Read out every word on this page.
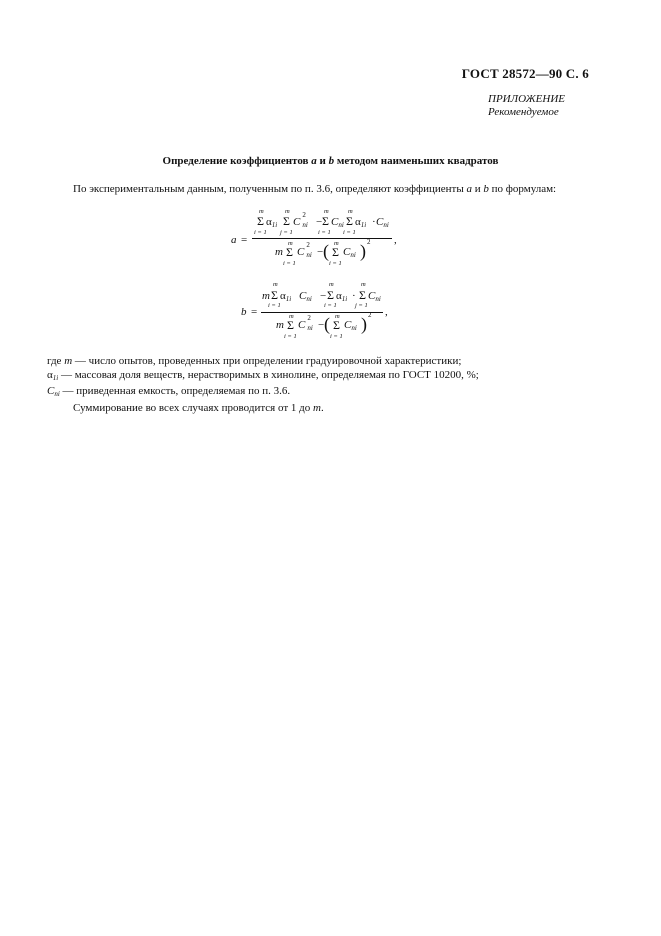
ГОСТ 28572—90 С. 6
ПРИЛОЖЕНИЕ
Рекомендуемое
Определение коэффициентов a и b методом наименьших квадратов
По экспериментальным данным, полученным по п. 3.6, определяют коэффициенты a и b по формулам:
a =
m
Σ
i = 1
$\alpha_{1i}$
m
Σ
j = 1
C
2
ni −
m
Σ
i = 1
$C_{ni}$
m
Σ
i = 1
$\alpha_{1i} \cdot C_{ni}$
,
m
m
Σ
i = 1
C
2
ni − ( m
Σ
i = 1
$C_{ni}$ ) 2
b =
m
m
Σ
i = 1
$\alpha_{1i}$ $C_{ni}$ −
m
Σ
i = 1
$\alpha_{1i}$ ·
m
Σ
j = 1
$C_{ni}$
,
m
m
Σ
i = 1
C
2
ni − ( m
Σ
i = 1
$C_{ni}$ ) 2
где m — число опытов, проведенных при определении градуировочной характеристики;
$\alpha_{1i}$ — массовая доля веществ, нерастворимых в хинолине, определяемая по ГОСТ 10200, %;
$C_{ni}$ — приведенная емкость, определяемая по п. 3.6.
Суммирование во всех случаях проводится от 1 до m.
